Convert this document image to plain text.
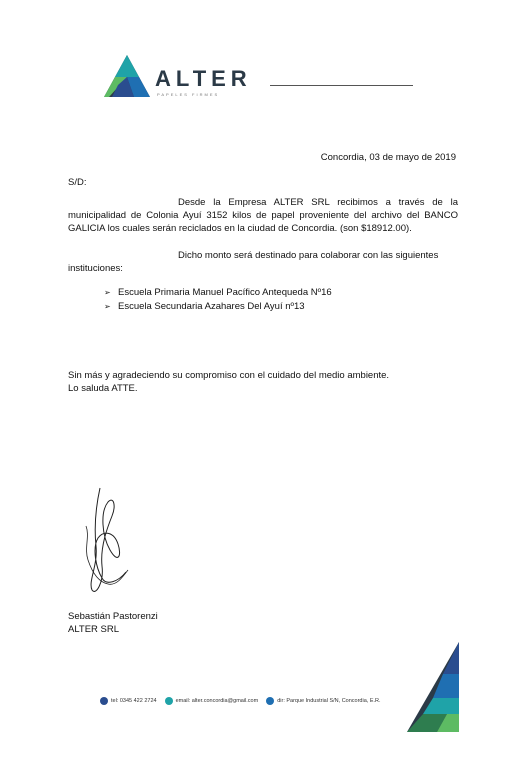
ALTER
PAPELES FIRMES
Concordia, 03 de mayo de 2019
S/D:
Desde la Empresa ALTER SRL recibimos a través de la municipalidad de Colonia Ayuí 3152 kilos de papel proveniente del archivo del BANCO GALICIA los cuales serán reciclados en la ciudad de Concordia. (son $18912.00).
Dicho monto será destinado para colaborar con las siguientes instituciones:
➢ Escuela Primaria Manuel Pacífico Antequeda Nº16
➢ Escuela Secundaria Azahares Del Ayuí nº13
Sin más y agradeciendo su compromiso con el cuidado del medio ambiente.
Lo saluda ATTE.
Sebastián Pastorenzi
ALTER SRL
tel: 0345 422 2724	email: alter.concordia@gmail.com	dir: Parque Industrial S/N, Concordia, E.R.
